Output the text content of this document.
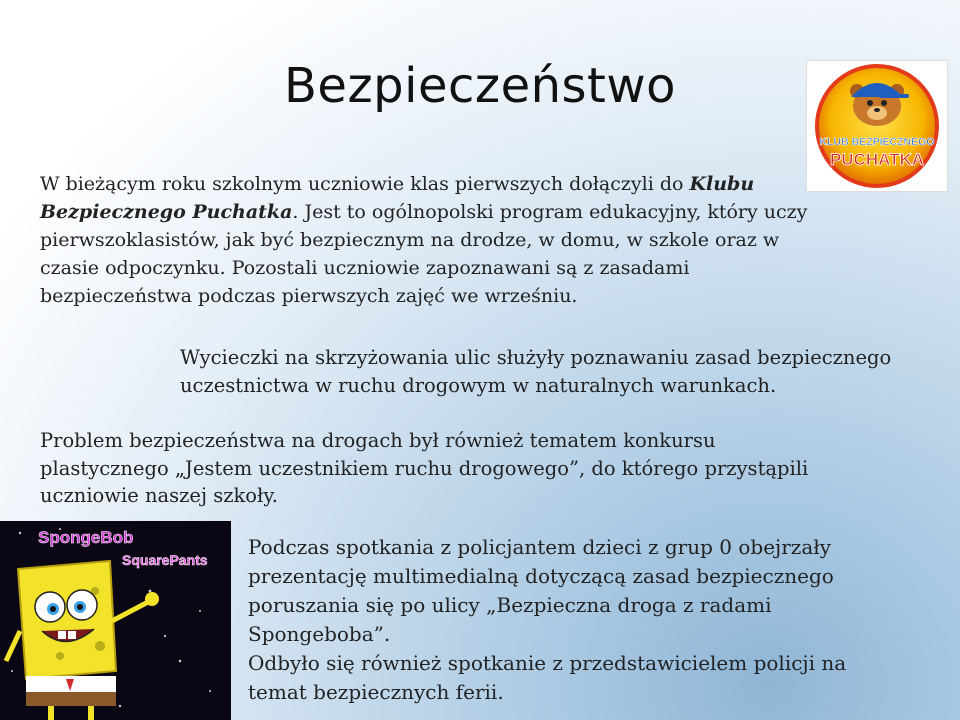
Bezpieczeństwo
KLUB BEZPIECZNEGO
PUCHATKA
W bieżącym roku szkolnym uczniowie klas pierwszych dołączyli do Klubu Bezpiecznego Puchatka. Jest to ogólnopolski program edukacyjny, który uczy pierwszoklasistów, jak być bezpiecznym na drodze, w domu, w szkole oraz w czasie odpoczynku. Pozostali uczniowie zapoznawani są z zasadami bezpieczeństwa podczas pierwszych zajęć we wrześniu.
Wycieczki na skrzyżowania ulic służyły poznawaniu zasad bezpiecznego uczestnictwa w ruchu drogowym w naturalnych warunkach.
Problem bezpieczeństwa na drogach był również tematem konkursu plastycznego „Jestem uczestnikiem ruchu drogowego”, do którego przystąpili uczniowie naszej szkoły.
SpongeBob
SquarePants
Podczas spotkania z policjantem dzieci z grup 0 obejrzały prezentację multimedialną dotyczącą zasad bezpiecznego poruszania się po ulicy „Bezpieczna droga z radami Spongeboba”.
Odbyło się również spotkanie z przedstawicielem policji na temat bezpiecznych ferii.
